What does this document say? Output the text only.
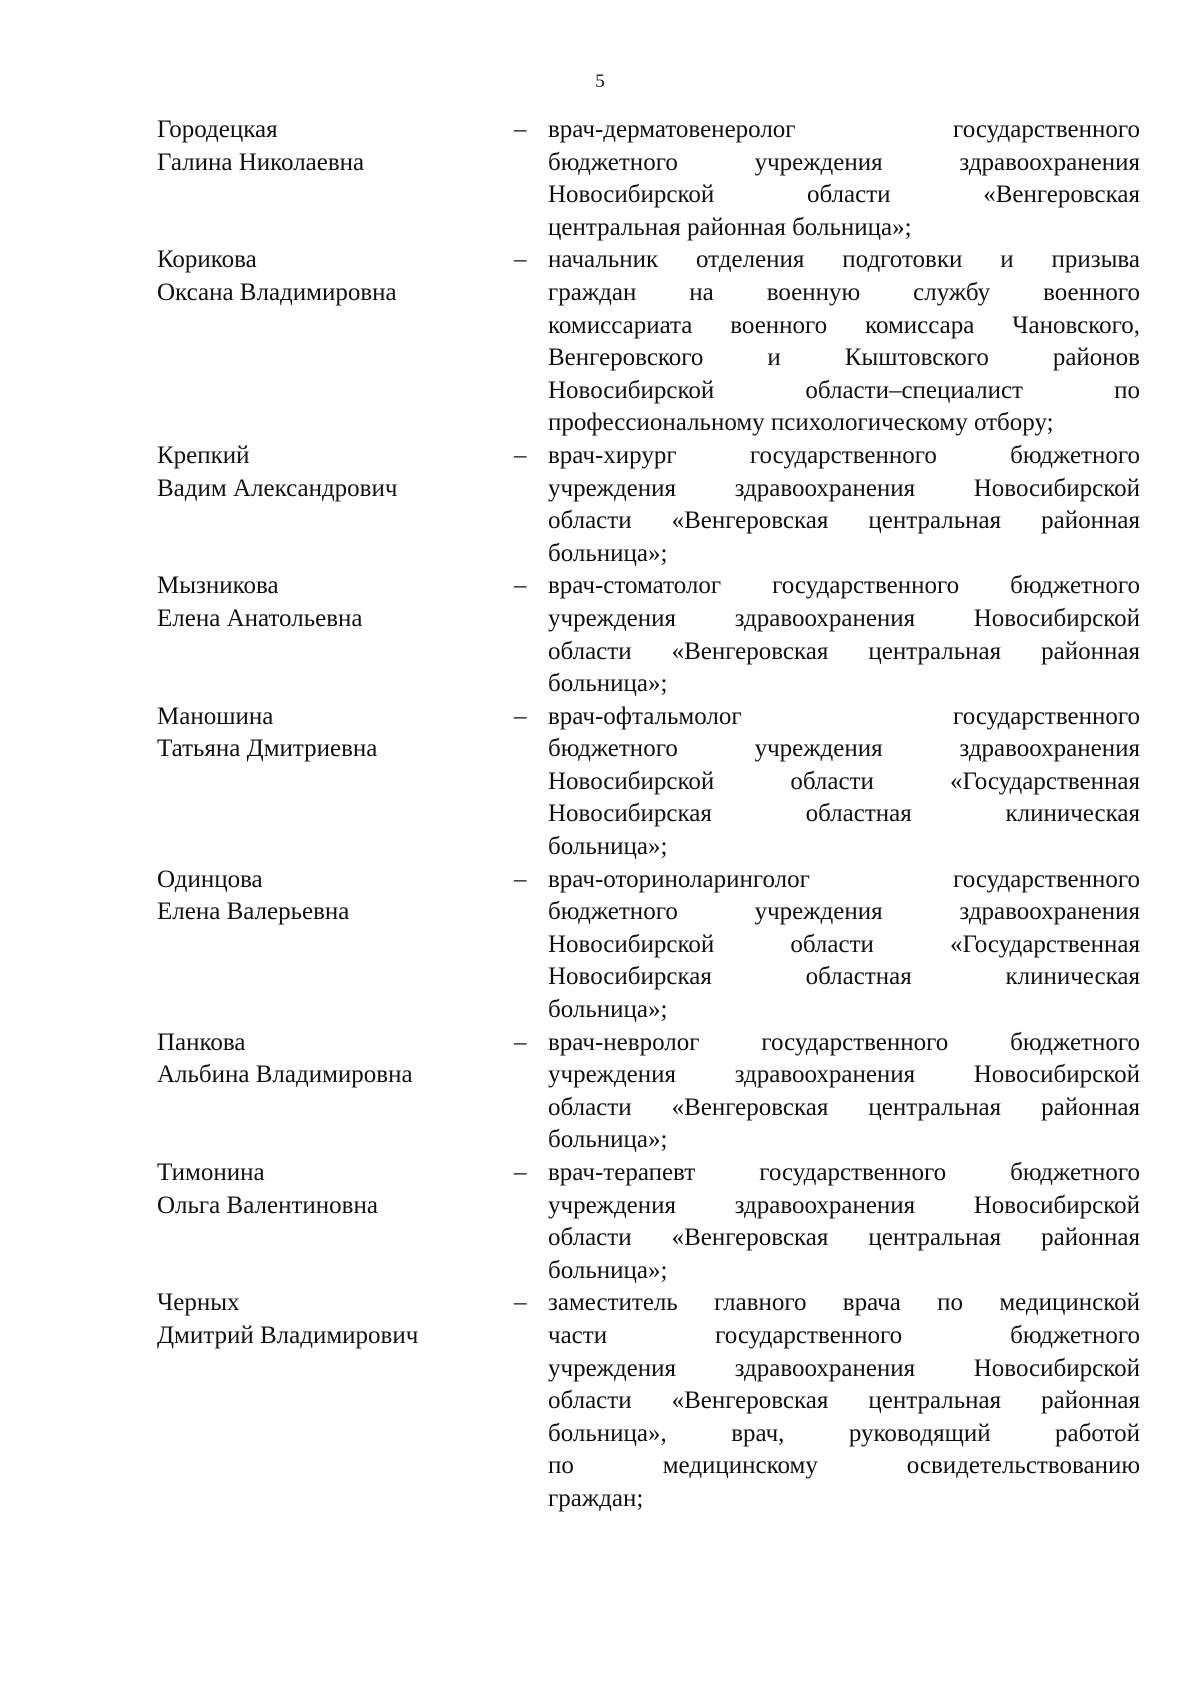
5
Городецкая
Галина Николаевна
– врач-дерматовенеролог государственного
бюджетного учреждения здравоохранения
Новосибирской области «Венгеровская
центральная районная больница»;
Корикова
Оксана Владимировна
– начальник отделения подготовки и призыва
граждан на военную службу военного
комиссариата военного комиссара Чановского,
Венгеровского и Кыштовского районов
Новосибирской области–специалист по
профессиональному психологическому отбору;
Крепкий
Вадим Александрович
– врач-хирург государственного бюджетного
учреждения здравоохранения Новосибирской
области «Венгеровская центральная районная
больница»;
Мызникова
Елена Анатольевна
– врач-стоматолог государственного бюджетного
учреждения здравоохранения Новосибирской
области «Венгеровская центральная районная
больница»;
Маношина
Татьяна Дмитриевна
– врач-офтальмолог государственного
бюджетного учреждения здравоохранения
Новосибирской области «Государственная
Новосибирская областная клиническая
больница»;
Одинцова
Елена Валерьевна
– врач-оториноларинголог государственного
бюджетного учреждения здравоохранения
Новосибирской области «Государственная
Новосибирская областная клиническая
больница»;
Панкова
Альбина Владимировна
– врач-невролог государственного бюджетного
учреждения здравоохранения Новосибирской
области «Венгеровская центральная районная
больница»;
Тимонина
Ольга Валентиновна
– врач-терапевт государственного бюджетного
учреждения здравоохранения Новосибирской
области «Венгеровская центральная районная
больница»;
Черных
Дмитрий Владимирович
– заместитель главного врача по медицинской
части государственного бюджетного
учреждения здравоохранения Новосибирской
области «Венгеровская центральная районная
больница», врач, руководящий работой
по медицинскому освидетельствованию
граждан;
